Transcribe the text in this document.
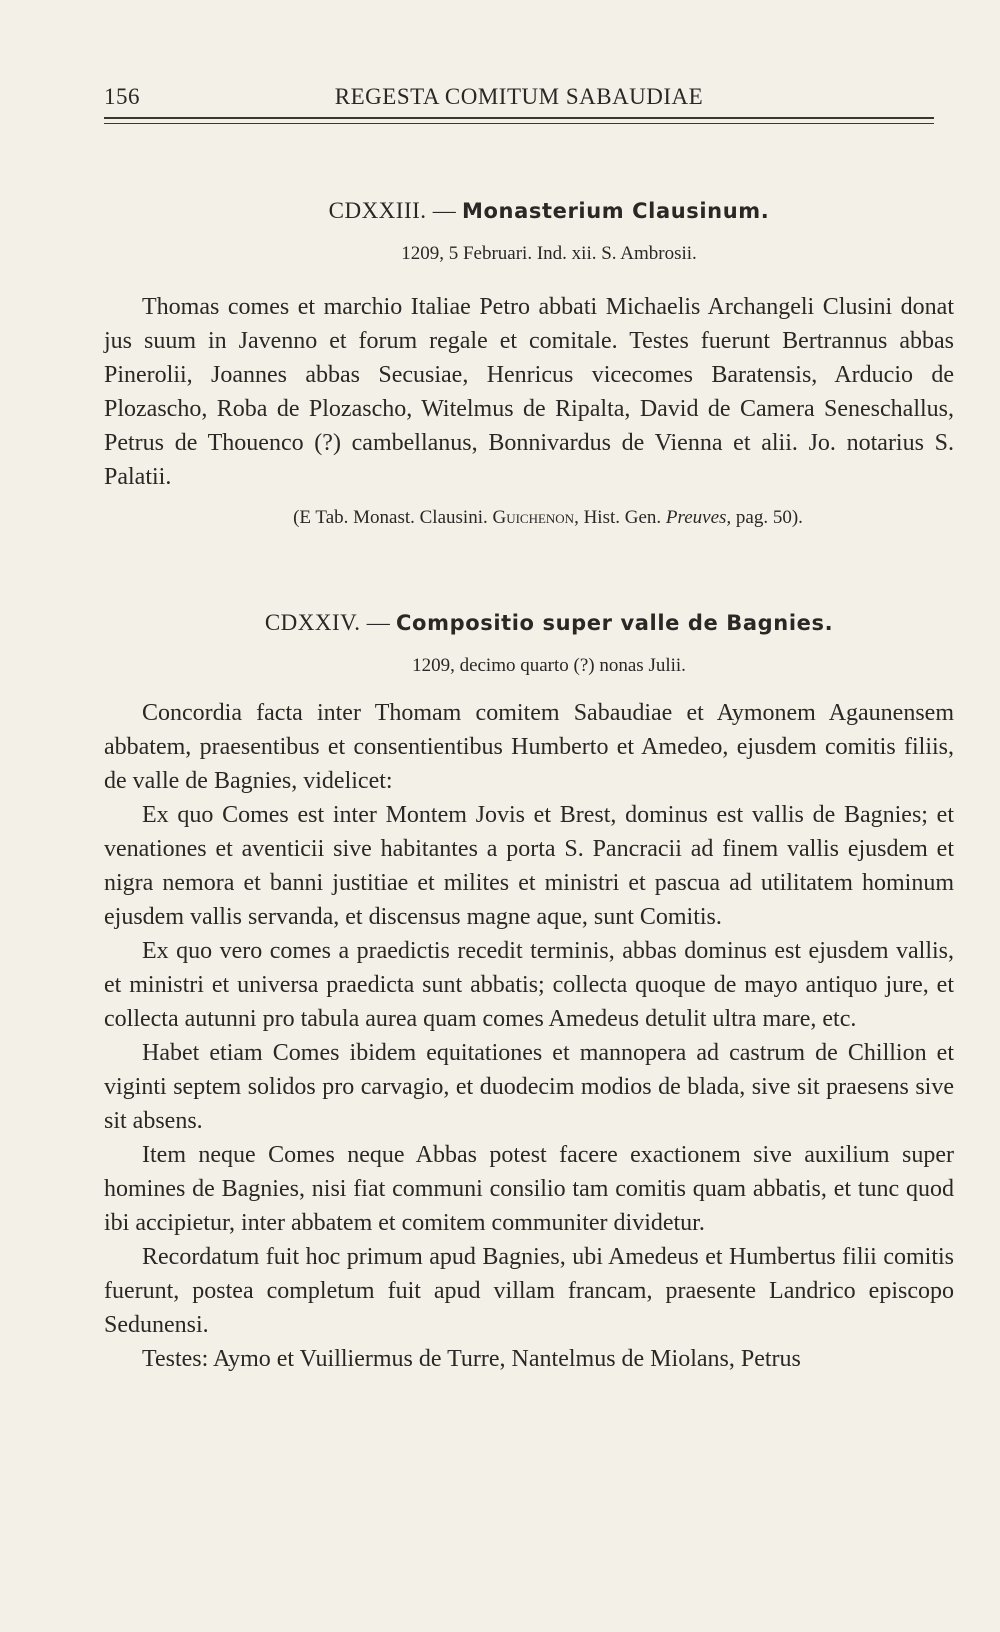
156	REGESTA COMITUM SABAUDIAE

CDXXIII. — Monasterium Clausinum.

1209, 5 Februari. Ind. xii. S. Ambrosii.

Thomas comes et marchio Italiae Petro abbati Michaelis Archangeli Clusini donat jus suum in Javenno et forum regale et comitale. Testes fuerunt Bertrannus abbas Pinerolii, Joannes abbas Secusiae, Henricus vicecomes Baratensis, Arducio de Plozascho, Roba de Plozascho, Witelmus de Ripalta, David de Camera Seneschallus, Petrus de Thouenco (?) cambellanus, Bonnivardus de Vienna et alii. Jo. notarius S. Palatii.

(E Tab. Monast. Clausini. Guichenon, Hist. Gen. Preuves, pag. 50).

CDXXIV. — Compositio super valle de Bagnies.

1209, decimo quarto (?) nonas Julii.

Concordia facta inter Thomam comitem Sabaudiae et Aymonem Agaunensem abbatem, praesentibus et consentientibus Humberto et Amedeo, ejusdem comitis filiis, de valle de Bagnies, videlicet:

Ex quo Comes est inter Montem Jovis et Brest, dominus est vallis de Bagnies; et venationes et aventicii sive habitantes a porta S. Pancracii ad finem vallis ejusdem et nigra nemora et banni justitiae et milites et ministri et pascua ad utilitatem hominum ejusdem vallis servanda, et discensus magne aque, sunt Comitis.

Ex quo vero comes a praedictis recedit terminis, abbas dominus est ejusdem vallis, et ministri et universa praedicta sunt abbatis; collecta quoque de mayo antiquo jure, et collecta autunni pro tabula aurea quam comes Amedeus detulit ultra mare, etc.

Habet etiam Comes ibidem equitationes et mannopera ad castrum de Chillion et viginti septem solidos pro carvagio, et duodecim modios de blada, sive sit praesens sive sit absens.

Item neque Comes neque Abbas potest facere exactionem sive auxilium super homines de Bagnies, nisi fiat communi consilio tam comitis quam abbatis, et tunc quod ibi accipietur, inter abbatem et comitem communiter dividetur.

Recordatum fuit hoc primum apud Bagnies, ubi Amedeus et Humbertus filii comitis fuerunt, postea completum fuit apud villam francam, praesente Landrico episcopo Sedunensi.

Testes: Aymo et Vuilliermus de Turre, Nantelmus de Miolans, Petrus
